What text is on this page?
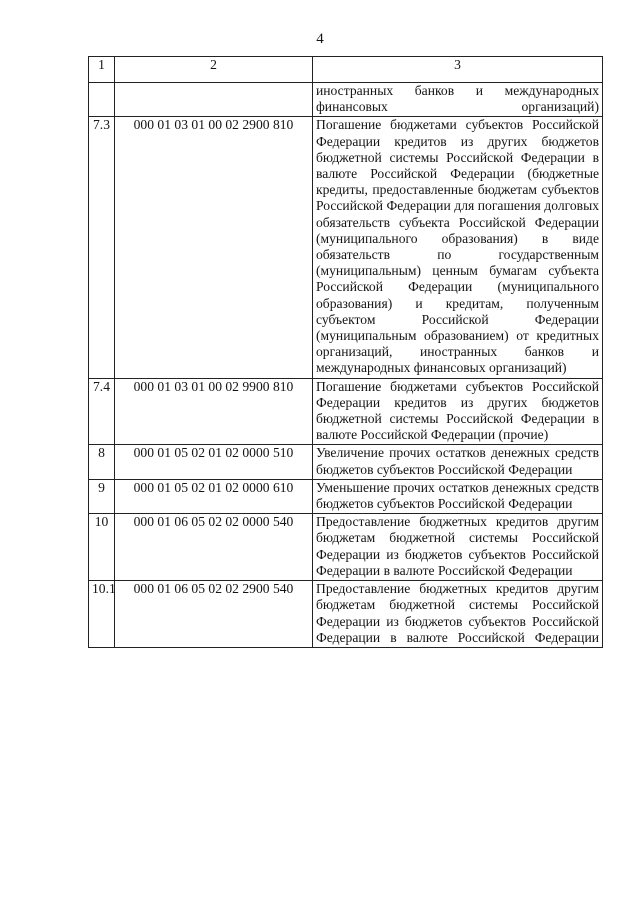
4
1	2	3
		иностранных банков и международных финансовых организаций)
7.3	000 01 03 01 00 02 2900 810	Погашение бюджетами субъектов Российской Федерации кредитов из других бюджетов бюджетной системы Российской Федерации в валюте Российской Федерации (бюджетные кредиты, предоставленные бюджетам субъектов Российской Федерации для погашения долговых обязательств субъекта Российской Федерации (муниципального образования) в виде обязательств по государственным (муниципальным) ценным бумагам субъекта Российской Федерации (муниципального образования) и кредитам, полученным субъектом Российской Федерации (муниципальным образованием) от кредитных организаций, иностранных банков и международных финансовых организаций)
7.4	000 01 03 01 00 02 9900 810	Погашение бюджетами субъектов Российской Федерации кредитов из других бюджетов бюджетной системы Российской Федерации в валюте Российской Федерации (прочие)
8	000 01 05 02 01 02 0000 510	Увеличение прочих остатков денежных средств бюджетов субъектов Российской Федерации
9	000 01 05 02 01 02 0000 610	Уменьшение прочих остатков денежных средств бюджетов субъектов Российской Федерации
10	000 01 06 05 02 02 0000 540	Предоставление бюджетных кредитов другим бюджетам бюджетной системы Российской Федерации из бюджетов субъектов Российской Федерации в валюте Российской Федерации
10.1	000 01 06 05 02 02 2900 540	Предоставление бюджетных кредитов другим бюджетам бюджетной системы Российской Федерации из бюджетов субъектов Российской Федерации в валюте Российской Федерации
